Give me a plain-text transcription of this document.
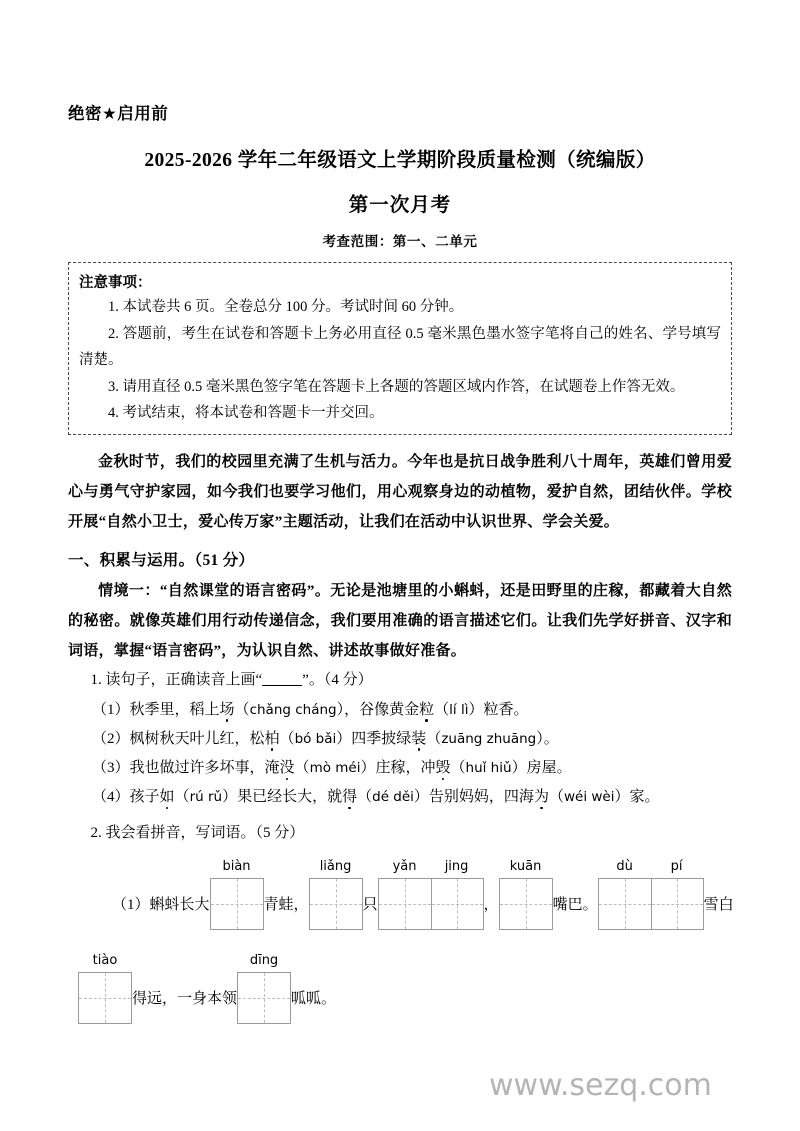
绝密★启用前
2025-2026 学年二年级语文上学期阶段质量检测（统编版）
第一次月考
考查范围：第一、二单元
注意事项：
1. 本试卷共 6 页。全卷总分 100 分。考试时间 60 分钟。
2. 答题前，考生在试卷和答题卡上务必用直径 0.5 毫米黑色墨水签字笔将自己的姓名、学号填写清楚。
3. 请用直径 0.5 毫米黑色签字笔在答题卡上各题的答题区域内作答，在试题卷上作答无效。
4. 考试结束，将本试卷和答题卡一并交回。
金秋时节，我们的校园里充满了生机与活力。今年也是抗日战争胜利八十周年，英雄们曾用爱心与勇气守护家园，如今我们也要学习他们，用心观察身边的动植物，爱护自然，团结伙伴。学校开展“自然小卫士，爱心传万家”主题活动，让我们在活动中认识世界、学会关爱。
一、积累与运用。（51 分）
情境一：“自然课堂的语言密码”。无论是池塘里的小蝌蚪，还是田野里的庄稼，都藏着大自然的秘密。就像英雄们用行动传递信念，我们要用准确的语言描述它们。让我们先学好拼音、汉字和词语，掌握“语言密码”，为认识自然、讲述故事做好准备。
1. 读句子，正确读音上画“	”。（4 分）
（1）秋季里，稻上场（chǎng cháng），谷像黄金粒（lí lì）粒香。
（2）枫树秋天叶儿红，松柏（bó bǎi）四季披绿装（zuāng zhuāng）。
（3）我也做过许多坏事，淹没（mò méi）庄稼，冲毁（huǐ hiǔ）房屋。
（4）孩子如（rú rǔ）果已经长大，就得（dé děi）告别妈妈，四海为（wéi wèi）家。
2. 我会看拼音，写词语。（5 分）
（1）蝌蚪长大
biàn
青蛙，
liǎng
只
yǎn jing
，
kuān
嘴巴。
dù	pí
雪白
tiào
得远，一身本领
dīng
呱呱。
www.sezq.com
